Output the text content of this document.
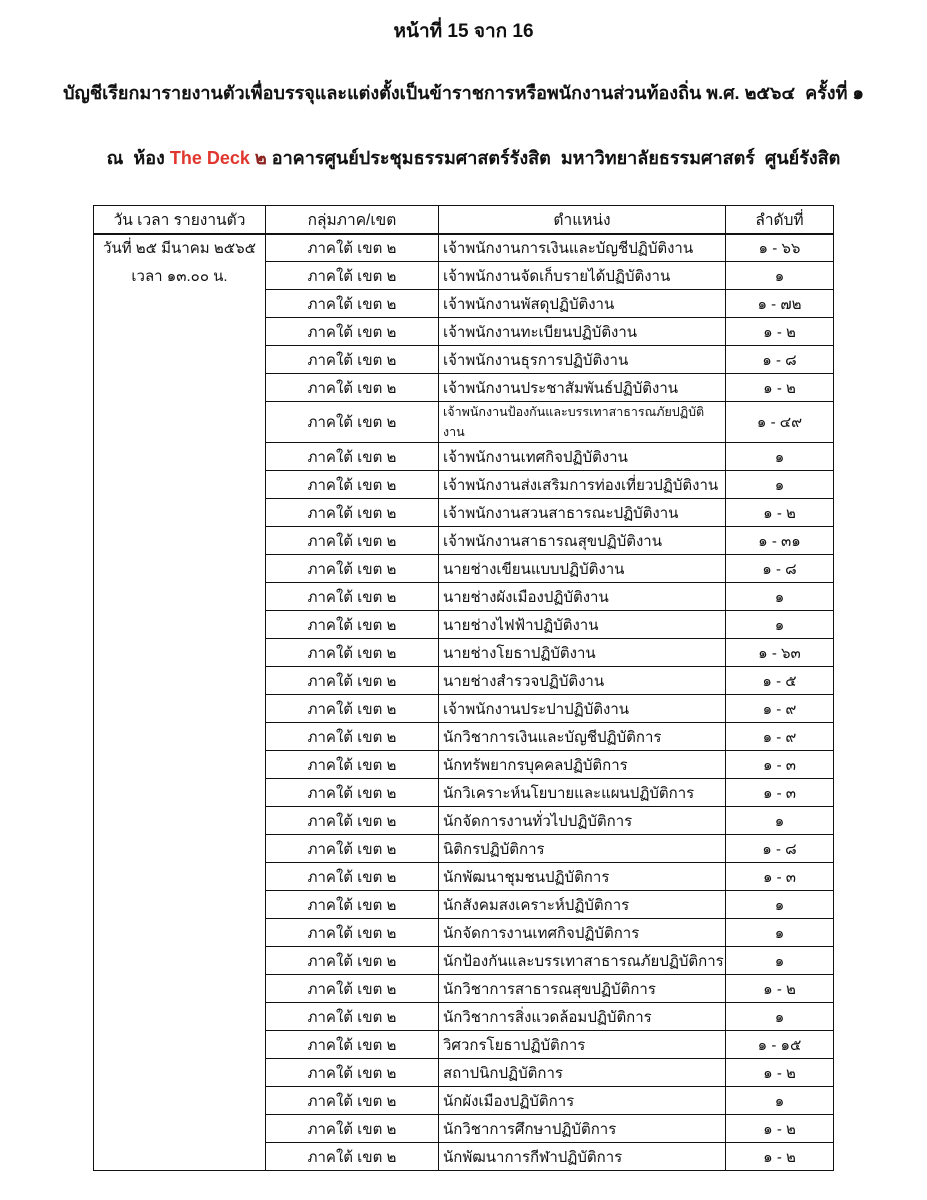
หน้าที่ 15 จาก 16
บัญชีเรียกมารายงานตัวเพื่อบรรจุและแต่งตั้งเป็นข้าราชการหรือพนักงานส่วนท้องถิ่น พ.ศ. ๒๕๖๔  ครั้งที่ ๑

ณ  ห้อง The Deck ๒ อาคารศูนย์ประชุมธรรมศาสตร์รังสิต  มหาวิทยาลัยธรรมศาสตร์  ศูนย์รังสิต

วัน เวลา รายงานตัว	กลุ่มภาค/เขต	ตำแหน่ง	ลำดับที่

วันที่ ๒๕ มีนาคม ๒๕๖๕
เวลา ๑๓.๐๐ น.	ภาคใต้ เขต ๒	เจ้าพนักงานการเงินและบัญชีปฏิบัติงาน	๑ - ๖๖
	ภาคใต้ เขต ๒	เจ้าพนักงานจัดเก็บรายได้ปฏิบัติงาน	๑
	ภาคใต้ เขต ๒	เจ้าพนักงานพัสดุปฏิบัติงาน	๑ - ๗๒
	ภาคใต้ เขต ๒	เจ้าพนักงานทะเบียนปฏิบัติงาน	๑ - ๒
	ภาคใต้ เขต ๒	เจ้าพนักงานธุรการปฏิบัติงาน	๑ - ๘
	ภาคใต้ เขต ๒	เจ้าพนักงานประชาสัมพันธ์ปฏิบัติงาน	๑ - ๒
	ภาคใต้ เขต ๒	เจ้าพนักงานป้องกันและบรรเทาสาธารณภัยปฏิบัติงาน	๑ - ๔๙
	ภาคใต้ เขต ๒	เจ้าพนักงานเทศกิจปฏิบัติงาน	๑
	ภาคใต้ เขต ๒	เจ้าพนักงานส่งเสริมการท่องเที่ยวปฏิบัติงาน	๑
	ภาคใต้ เขต ๒	เจ้าพนักงานสวนสาธารณะปฏิบัติงาน	๑ - ๒
	ภาคใต้ เขต ๒	เจ้าพนักงานสาธารณสุขปฏิบัติงาน	๑ - ๓๑
	ภาคใต้ เขต ๒	นายช่างเขียนแบบปฏิบัติงาน	๑ - ๘
	ภาคใต้ เขต ๒	นายช่างผังเมืองปฏิบัติงาน	๑
	ภาคใต้ เขต ๒	นายช่างไฟฟ้าปฏิบัติงาน	๑
	ภาคใต้ เขต ๒	นายช่างโยธาปฏิบัติงาน	๑ - ๖๓
	ภาคใต้ เขต ๒	นายช่างสำรวจปฏิบัติงาน	๑ - ๕
	ภาคใต้ เขต ๒	เจ้าพนักงานประปาปฏิบัติงาน	๑ - ๙
	ภาคใต้ เขต ๒	นักวิชาการเงินและบัญชีปฏิบัติการ	๑ - ๙
	ภาคใต้ เขต ๒	นักทรัพยากรบุคคลปฏิบัติการ	๑ - ๓
	ภาคใต้ เขต ๒	นักวิเคราะห์นโยบายและแผนปฏิบัติการ	๑ - ๓
	ภาคใต้ เขต ๒	นักจัดการงานทั่วไปปฏิบัติการ	๑
	ภาคใต้ เขต ๒	นิติกรปฏิบัติการ	๑ - ๘
	ภาคใต้ เขต ๒	นักพัฒนาชุมชนปฏิบัติการ	๑ - ๓
	ภาคใต้ เขต ๒	นักสังคมสงเคราะห์ปฏิบัติการ	๑
	ภาคใต้ เขต ๒	นักจัดการงานเทศกิจปฏิบัติการ	๑
	ภาคใต้ เขต ๒	นักป้องกันและบรรเทาสาธารณภัยปฏิบัติการ	๑
	ภาคใต้ เขต ๒	นักวิชาการสาธารณสุขปฏิบัติการ	๑ - ๒
	ภาคใต้ เขต ๒	นักวิชาการสิ่งแวดล้อมปฏิบัติการ	๑
	ภาคใต้ เขต ๒	วิศวกรโยธาปฏิบัติการ	๑ - ๑๕
	ภาคใต้ เขต ๒	สถาปนิกปฏิบัติการ	๑ - ๒
	ภาคใต้ เขต ๒	นักผังเมืองปฏิบัติการ	๑
	ภาคใต้ เขต ๒	นักวิชาการศึกษาปฏิบัติการ	๑ - ๒
	ภาคใต้ เขต ๒	นักพัฒนาการกีฬาปฏิบัติการ	๑ - ๒
